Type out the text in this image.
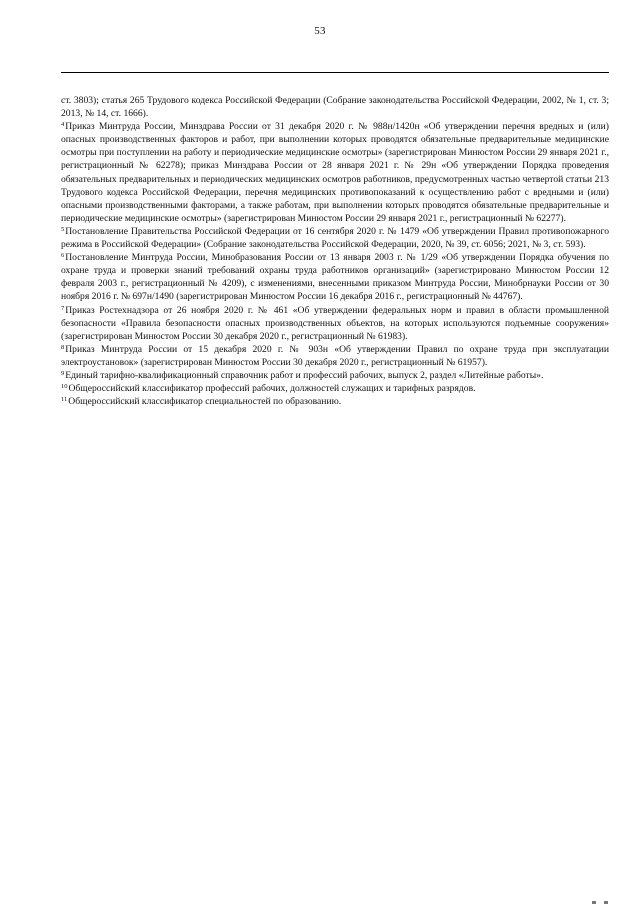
53

ст. 3803); статья 265 Трудового кодекса Российской Федерации (Собрание законодательства Российской Федерации, 2002, № 1, ст. 3; 2013, № 14, ст. 1666).

$^4$Приказ Минтруда России, Минздрава России от 31 декабря 2020 г. № 988н/1420н «Об утверждении перечня вредных и (или) опасных производственных факторов и работ, при выполнении которых проводятся обязательные предварительные медицинские осмотры при поступлении на работу и периодические медицинские осмотры» (зарегистрирован Минюстом России 29 января 2021 г., регистрационный № 62278); приказ Минздрава России от 28 января 2021 г. № 29н «Об утверждении Порядка проведения обязательных предварительных и периодических медицинских осмотров работников, предусмотренных частью четвертой статьи 213 Трудового кодекса Российской Федерации, перечня медицинских противопоказаний к осуществлению работ с вредными и (или) опасными производственными факторами, а также работам, при выполнении которых проводятся обязательные предварительные и периодические медицинские осмотры» (зарегистрирован Минюстом России 29 января 2021 г., регистрационный № 62277).

$^5$Постановление Правительства Российской Федерации от 16 сентября 2020 г. № 1479 «Об утверждении Правил противопожарного режима в Российской Федерации» (Собрание законодательства Российской Федерации, 2020, № 39, ст. 6056; 2021, № 3, ст. 593).

$^6$Постановление Минтруда России, Минобразования России от 13 января 2003 г. № 1/29 «Об утверждении Порядка обучения по охране труда и проверки знаний требований охраны труда работников организаций» (зарегистрировано Минюстом России 12 февраля 2003 г., регистрационный № 4209), с изменениями, внесенными приказом Минтруда России, Минобрнауки России от 30 ноября 2016 г. № 697н/1490 (зарегистрирован Минюстом России 16 декабря 2016 г., регистрационный № 44767).

$^7$Приказ Ростехнадзора от 26 ноября 2020 г. № 461 «Об утверждении федеральных норм и правил в области промышленной безопасности «Правила безопасности опасных производственных объектов, на которых используются подъемные сооружения» (зарегистрирован Минюстом России 30 декабря 2020 г., регистрационный № 61983).

$^8$Приказ Минтруда России от 15 декабря 2020 г. № 903н «Об утверждении Правил по охране труда при эксплуатации электроустановок» (зарегистрирован Минюстом России 30 декабря 2020 г., регистрационный № 61957).

$^9$Единый тарифно-квалификационный справочник работ и профессий рабочих, выпуск 2, раздел «Литейные работы».

$^{10}$Общероссийский классификатор профессий рабочих, должностей служащих и тарифных разрядов.

$^{11}$Общероссийский классификатор специальностей по образованию.
